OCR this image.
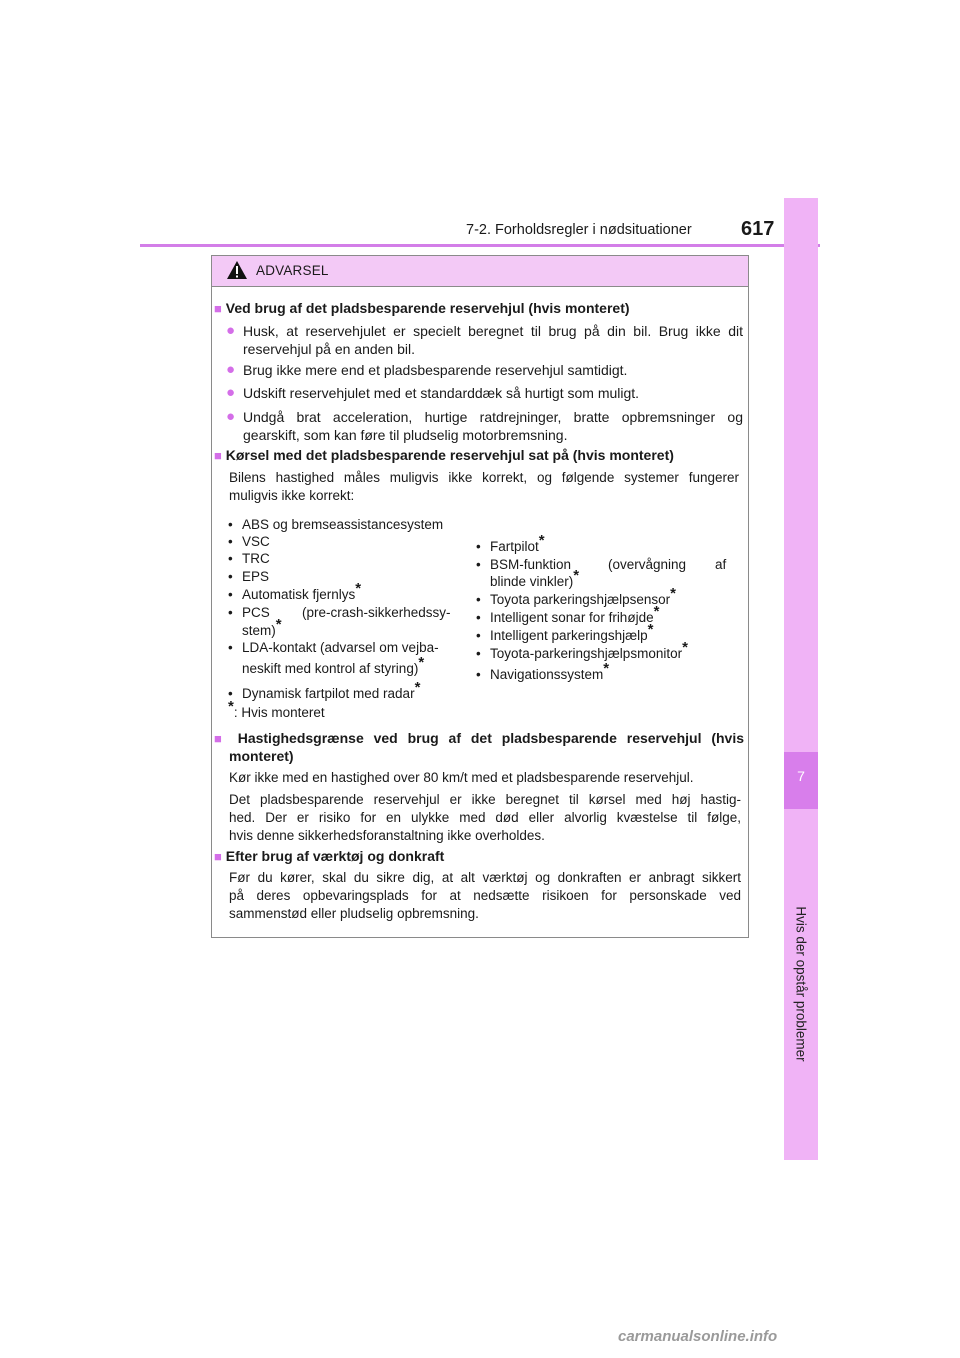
7-2. Forholdsregler i nødsituationer 617
7
Hvis der opstår problemer
ADVARSEL
■ Ved brug af det pladsbesparende reservehjul (hvis monteret)
● Husk, at reservehjulet er specielt beregnet til brug på din bil. Brug ikke dit
reservehjul på en anden bil.
● Brug ikke mere end et pladsbesparende reservehjul samtidigt.
● Udskift reservehjulet med et standarddæk så hurtigt som muligt.
● Undgå brat acceleration, hurtige ratdrejninger, bratte opbremsninger og
gearskift, som kan føre til pludselig motorbremsning.
■ Kørsel med det pladsbesparende reservehjul sat på (hvis monteret)
Bilens hastighed måles muligvis ikke korrekt, og følgende systemer fungerer
muligvis ikke korrekt:
• ABS og bremseassistancesystem
• VSC
• TRC
• EPS
• Automatisk fjernlys*
• PCS (pre-crash-sikkerhedssy-
stem)*
• LDA-kontakt (advarsel om vejba-
neskift med kontrol af styring)*
• Dynamisk fartpilot med radar*
*: Hvis monteret
• Fartpilot*
• BSM-funktion	(overvågning af
blinde vinkler)*
• Toyota parkeringshjælpsensor*
• Intelligent sonar for frihøjde*
• Intelligent parkeringshjælp*
• Toyota-parkeringshjælpsmonitor*
• Navigationssystem*
■ Hastighedsgrænse ved brug af det pladsbesparende reservehjul (hvis
monteret)
Kør ikke med en hastighed over 80 km/t med et pladsbesparende reservehjul.
Det pladsbesparende reservehjul er ikke beregnet til kørsel med høj hastig-
hed. Der er risiko for en ulykke med død eller alvorlig kvæstelse til følge,
hvis denne sikkerhedsforanstaltning ikke overholdes.
■ Efter brug af værktøj og donkraft
Før du kører, skal du sikre dig, at alt værktøj og donkraften er anbragt sikkert
på deres opbevaringsplads for at nedsætte risikoen for personskade ved
sammenstød eller pludselig opbremsning.
carmanualsonline.info
